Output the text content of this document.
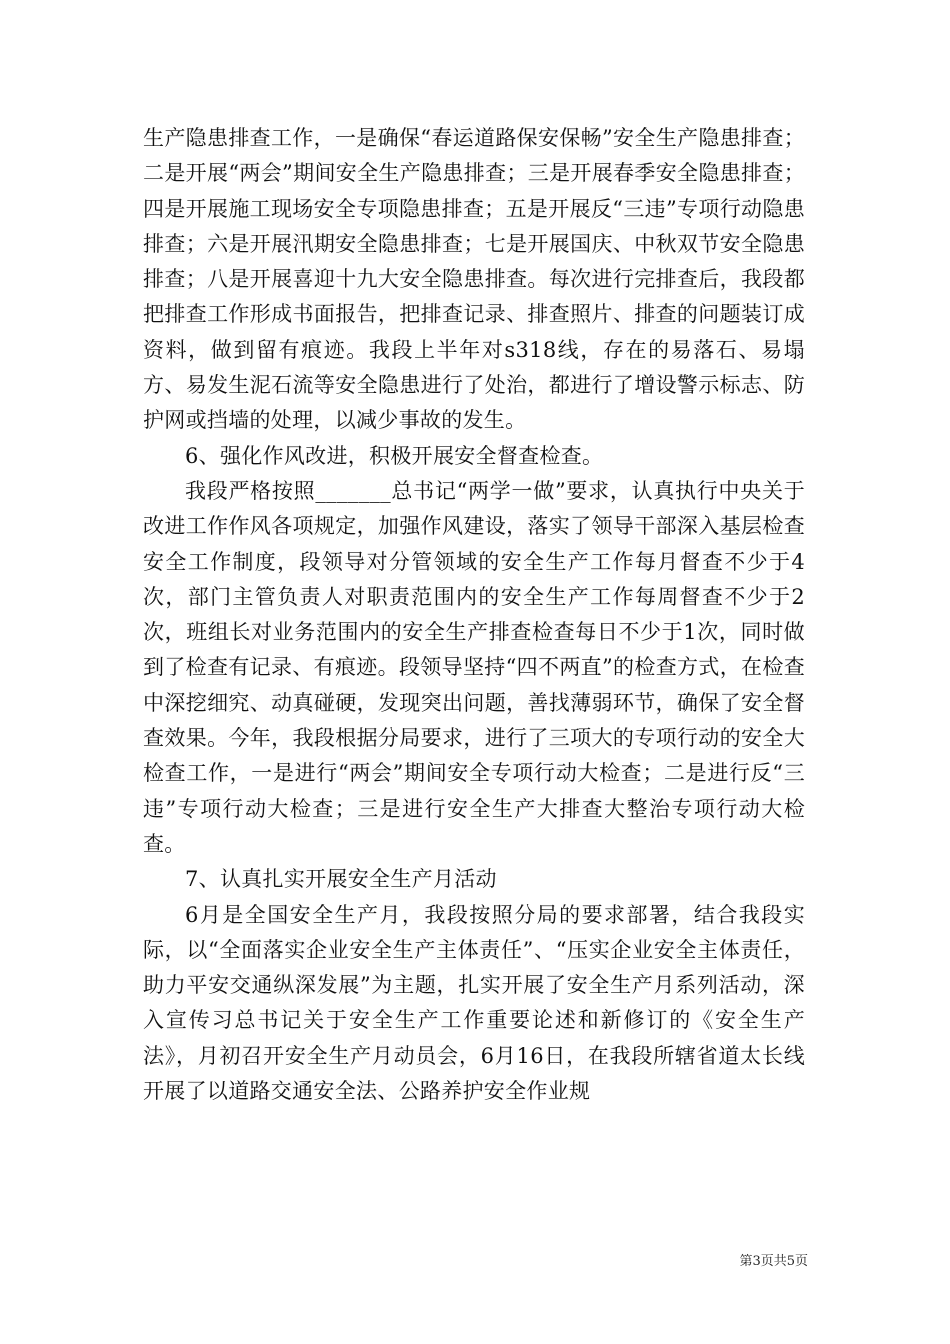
生产隐患排查工作，一是确保“春运道路保安保畅”安全生产隐患排查；二是开展“两会”期间安全生产隐患排查；三是开展春季安全隐患排查；四是开展施工现场安全专项隐患排查；五是开展反“三违”专项行动隐患排查；六是开展汛期安全隐患排查；七是开展国庆、中秋双节安全隐患排查；八是开展喜迎十九大安全隐患排查。每次进行完排查后，我段都把排查工作形成书面报告，把排查记录、排查照片、排查的问题装订成资料，做到留有痕迹。我段上半年对s318线，存在的易落石、易塌方、易发生泥石流等安全隐患进行了处治，都进行了增设警示标志、防护网或挡墙的处理，以减少事故的发生。

6、强化作风改进，积极开展安全督查检查。

我段严格按照_______总书记“两学一做”要求，认真执行中央关于改进工作作风各项规定，加强作风建设，落实了领导干部深入基层检查安全工作制度，段领导对分管领域的安全生产工作每月督查不少于4次，部门主管负责人对职责范围内的安全生产工作每周督查不少于2次，班组长对业务范围内的安全生产排查检查每日不少于1次，同时做到了检查有记录、有痕迹。段领导坚持“四不两直”的检查方式，在检查中深挖细究、动真碰硬，发现突出问题，善找薄弱环节，确保了安全督查效果。今年，我段根据分局要求，进行了三项大的专项行动的安全大检查工作，一是进行“两会”期间安全专项行动大检查；二是进行反“三违”专项行动大检查；三是进行安全生产大排查大整治专项行动大检查。

7、认真扎实开展安全生产月活动

6月是全国安全生产月，我段按照分局的要求部署，结合我段实际，以“全面落实企业安全生产主体责任”、“压实企业安全主体责任，助力平安交通纵深发展”为主题，扎实开展了安全生产月系列活动，深入宣传习总书记关于安全生产工作重要论述和新修订的《安全生产法》，月初召开安全生产月动员会，6月16日，在我段所辖省道太长线开展了以道路交通安全法、公路养护安全作业规

第3页共5页
